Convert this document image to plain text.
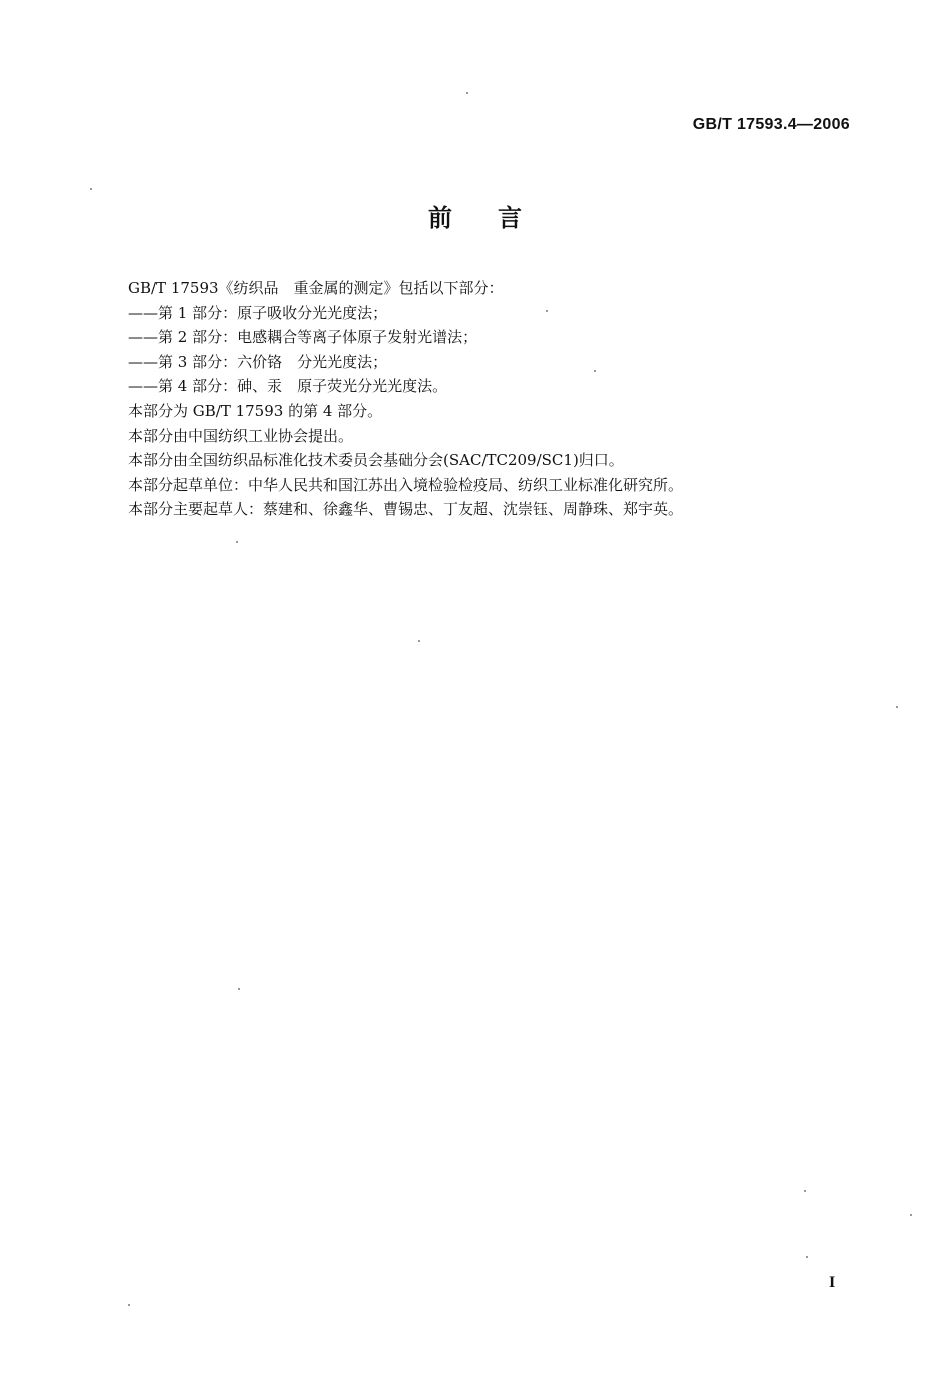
GB/T 17593.4—2006
前言

GB/T 17593《纺织品　重金属的测定》包括以下部分：

——第 1 部分：原子吸收分光光度法；

——第 2 部分：电感耦合等离子体原子发射光谱法；

——第 3 部分：六价铬　分光光度法；

——第 4 部分：砷、汞　原子荧光分光光度法。

本部分为 GB/T 17593 的第 4 部分。

本部分由中国纺织工业协会提出。

本部分由全国纺织品标准化技术委员会基础分会(SAC/TC209/SC1)归口。

本部分起草单位：中华人民共和国江苏出入境检验检疫局、纺织工业标准化研究所。

本部分主要起草人：蔡建和、徐鑫华、曹锡忠、丁友超、沈崇钰、周静珠、郑宇英。

I
